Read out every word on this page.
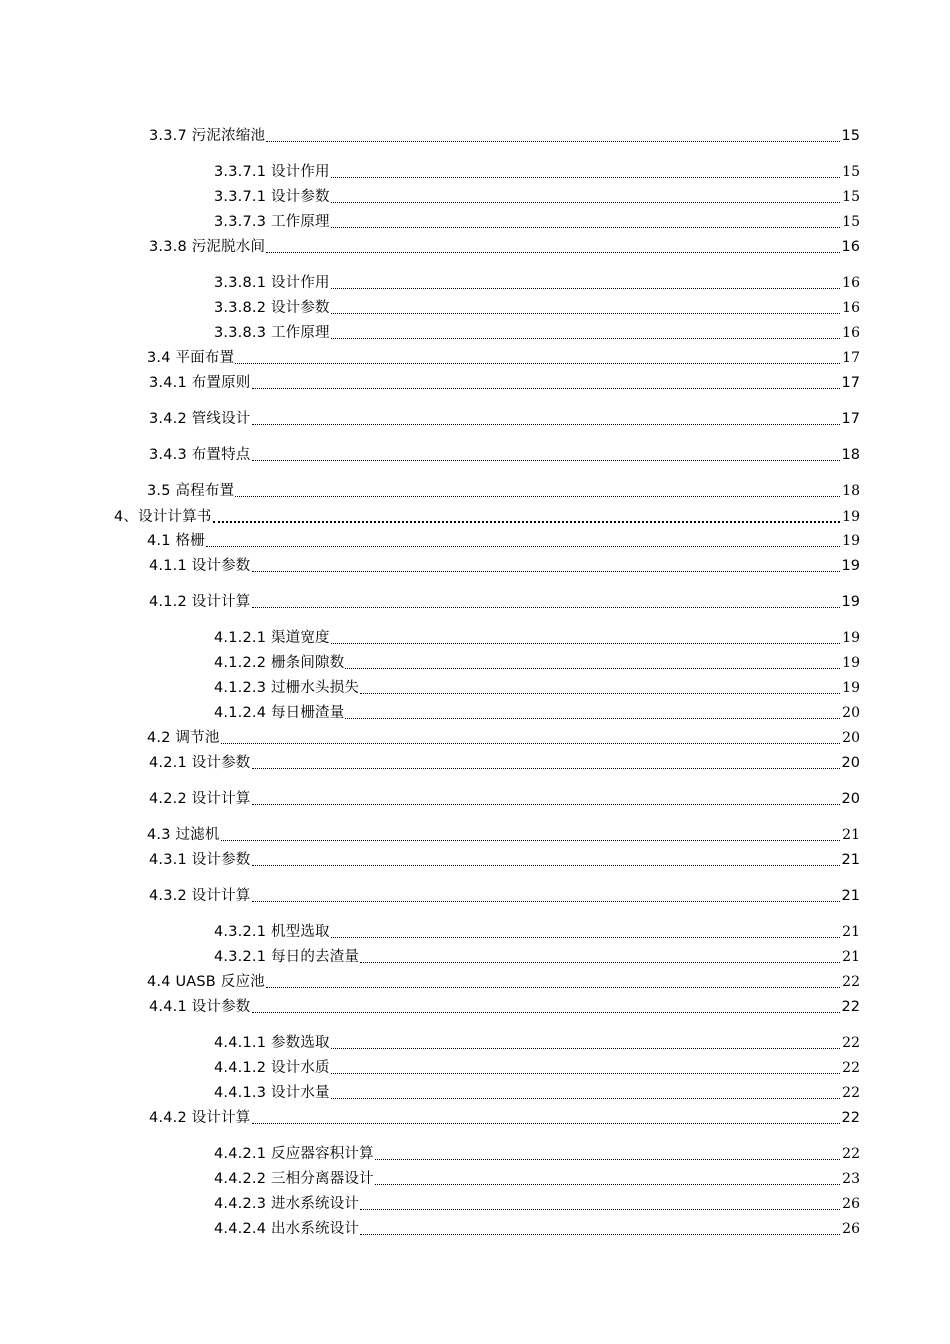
3.3.7 污泥浓缩池	15
3.3.7.1 设计作用	15
3.3.7.1 设计参数	15
3.3.7.3 工作原理	15
3.3.8 污泥脱水间	16
3.3.8.1 设计作用	16
3.3.8.2 设计参数	16
3.3.8.3 工作原理	16
3.4 平面布置	17
3.4.1 布置原则	17
3.4.2 管线设计	17
3.4.3 布置特点	18
3.5 高程布置	18
4、设计计算书	19
4.1 格栅	19
4.1.1 设计参数	19
4.1.2 设计计算	19
4.1.2.1 渠道宽度	19
4.1.2.2 栅条间隙数	19
4.1.2.3 过栅水头损失	19
4.1.2.4 每日栅渣量	20
4.2 调节池	20
4.2.1 设计参数	20
4.2.2 设计计算	20
4.3 过滤机	21
4.3.1 设计参数	21
4.3.2 设计计算	21
4.3.2.1 机型选取	21
4.3.2.1 每日的去渣量	21
4.4 UASB 反应池	22
4.4.1 设计参数	22
4.4.1.1 参数选取	22
4.4.1.2 设计水质	22
4.4.1.3 设计水量	22
4.4.2 设计计算	22
4.4.2.1 反应器容积计算	22
4.4.2.2 三相分离器设计	23
4.4.2.3 进水系统设计	26
4.4.2.4 出水系统设计	26
